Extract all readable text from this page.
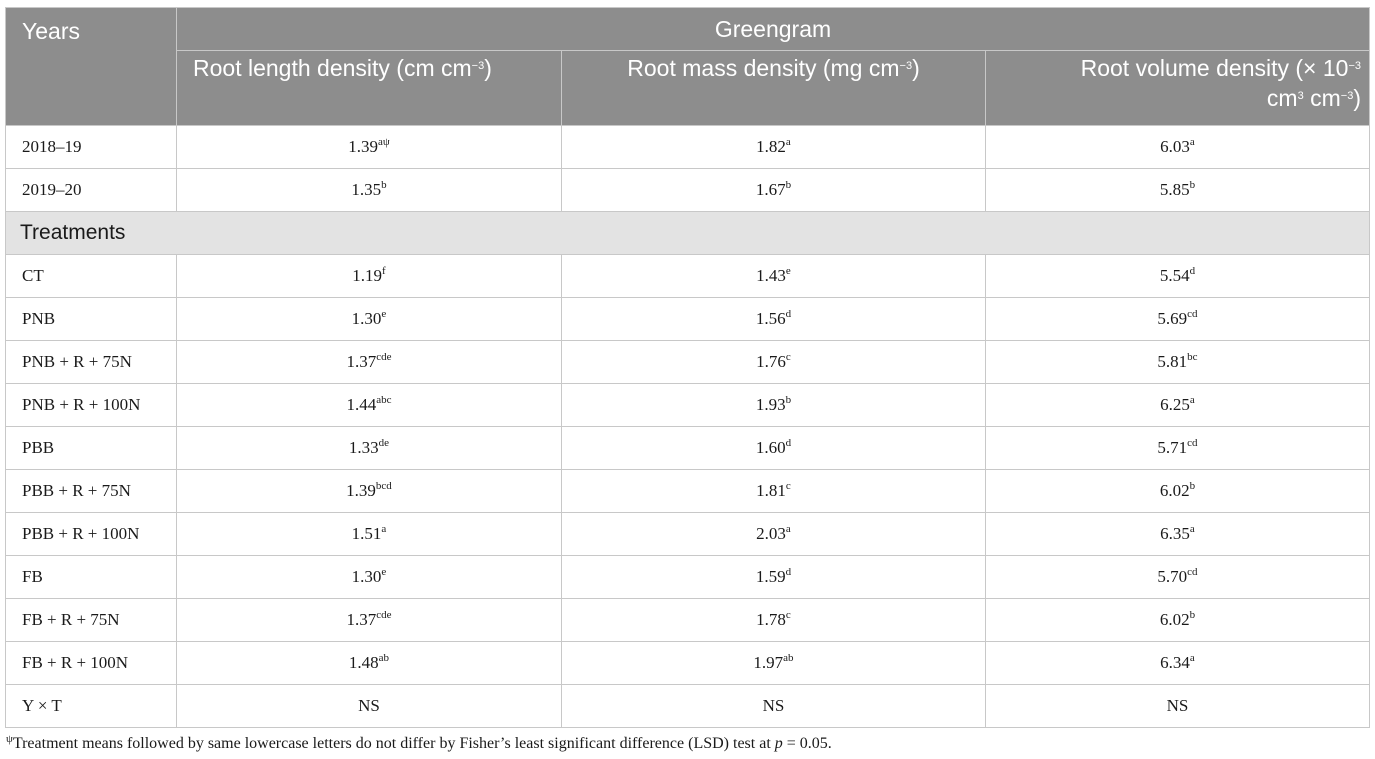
Years	Greengram		
	Root length density (cm $cm^{-3}$)	Root mass density (mg $cm^{-3}$)	Root volume density (× $10^{-3}$
$cm^3$ $cm^{-3}$)
2018–19	$1.39^{a\psi}$	1.82$^a$	6.03$^a$
2019–20	1.35$^b$	1.67$^b$	5.85$^b$
Treatments			
CT	1.19$^f$	1.43e	5.54$^d$
PNB	1.30e	1.56$^d$	5.69$^{cd}$
PNB + R + 75N	1.37$^{cde}$	1.76$^c$	5.81$^{bc}$
PNB + R + 100N	1.44$^{abc}$	1.93$^b$	6.25$^a$
PBB	1.33de	1.60$^d$	5.71$^{cd}$
PBB + R + 75N	1.39$^{bcd}$	1.81$^c$	6.02$^b$
PBB + R + 100N	1.51$^a$	2.03$^a$	6.35$^a$
FB	1.30e	1.59$^d$	5.70$^{cd}$
FB + R + 75N	1.37$^{cde}$	1.78$^c$	6.02$^b$
FB + R + 100N	1.48$^{ab}$	1.97$^{ab}$	6.34$^a$
Y × T	NS	NS	NS
$^\psi$Treatment means followed by same lowercase letters do not differ by Fisher’s least significant difference (LSD) test at p = 0.05.
